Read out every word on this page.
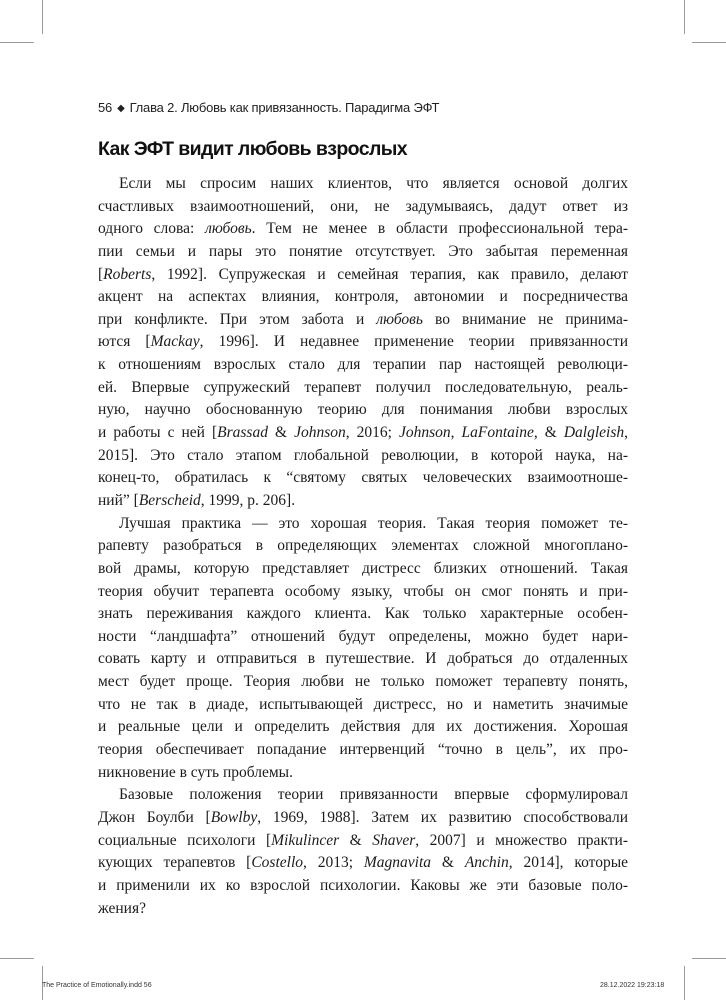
56 ◆ Глава 2. Любовь как привязанность. Парадигма ЭФТ
Как ЭФТ видит любовь взрослых

Если мы спросим наших клиентов, что является основой долгих
счастливых взаимоотношений, они, не задумываясь, дадут ответ из
одного слова: любовь. Тем не менее в области профессиональной тера-
пии семьи и пары это понятие отсутствует. Это забытая переменная
[Roberts, 1992]. Супружеская и семейная терапия, как правило, делают
акцент на аспектах влияния, контроля, автономии и посредничества
при конфликте. При этом забота и любовь во внимание не принима-
ются [Mackay, 1996]. И недавнее применение теории привязанности
к отношениям взрослых стало для терапии пар настоящей революци-
ей. Впервые супружеский терапевт получил последовательную, реаль-
ную, научно обоснованную теорию для понимания любви взрослых
и работы с ней [Brassad & Johnson, 2016; Johnson, LaFontaine, & Dalgleish,
2015]. Это стало этапом глобальной революции, в которой наука, на-
конец-то, обратилась к “святому святых человеческих взаимоотноше-
ний” [Berscheid, 1999, p. 206].

Лучшая практика — это хорошая теория. Такая теория поможет те-
рапевту разобраться в определяющих элементах сложной многоплано-
вой драмы, которую представляет дистресс близких отношений. Такая
теория обучит терапевта особому языку, чтобы он смог понять и при-
знать переживания каждого клиента. Как только характерные особен-
ности “ландшафта” отношений будут определены, можно будет нари-
совать карту и отправиться в путешествие. И добраться до отдаленных
мест будет проще. Теория любви не только поможет терапевту понять,
что не так в диаде, испытывающей дистресс, но и наметить значимые
и реальные цели и определить действия для их достижения. Хорошая
теория обеспечивает попадание интервенций “точно в цель”, их про-
никновение в суть проблемы.

Базовые положения теории привязанности впервые сформулировал
Джон Боулби [Bowlby, 1969, 1988]. Затем их развитию способствовали
социальные психологи [Mikulincer & Shaver, 2007] и множество практи-
кующих терапевтов [Costello, 2013; Magnavita & Anchin, 2014], которые
и применили их ко взрослой психологии. Каковы же эти базовые поло-
жения?

The Practice of Emotionally.indd 56	28.12.2022 19:23:18
